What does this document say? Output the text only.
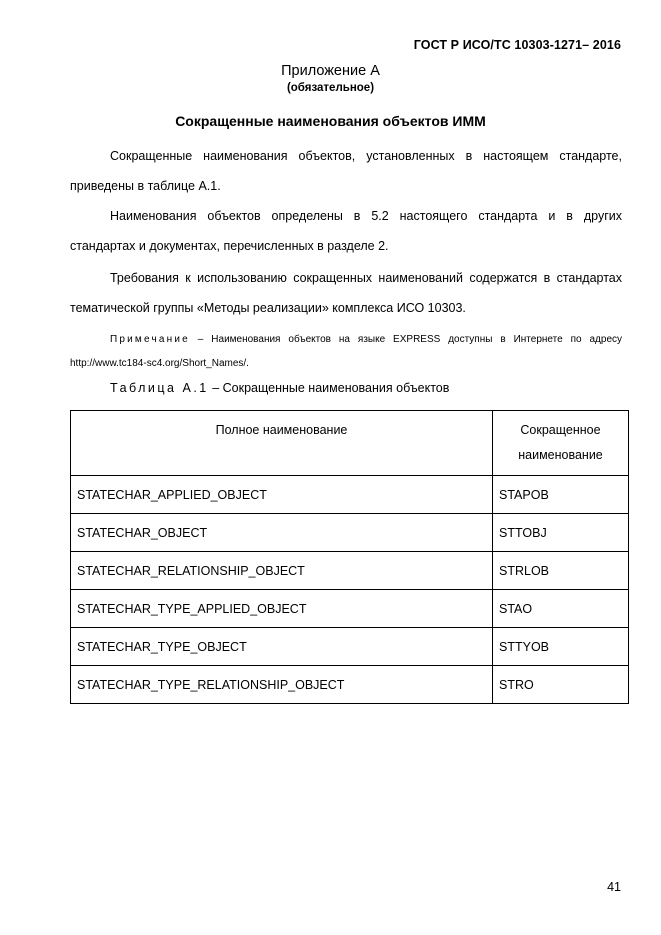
ГОСТ Р ИСО/ТС 10303-1271– 2016
Приложение А
(обязательное)
Сокращенные наименования объектов ИММ

Сокращенные наименования объектов, установленных в настоящем стандарте, приведены в таблице А.1.

Наименования объектов определены в 5.2 настоящего стандарта и в других стандартах и документах, перечисленных в разделе 2.

Требования к использованию сокращенных наименований содержатся в стандартах тематической группы «Методы реализации» комплекса ИСО 10303.

Примечание – Наименования объектов на языке EXPRESS доступны в Интернете по адресу http://www.tc184-sc4.org/Short_Names/.

Таблица А.1 – Сокращенные наименования объектов
Полное наименование	Сокращенное наименование
STATECHAR_APPLIED_OBJECT	STAPOB
STATECHAR_OBJECT	STTOBJ
STATECHAR_RELATIONSHIP_OBJECT	STRLOB
STATECHAR_TYPE_APPLIED_OBJECT	STAO
STATECHAR_TYPE_OBJECT	STTYOB
STATECHAR_TYPE_RELATIONSHIP_OBJECT	STRO
41
